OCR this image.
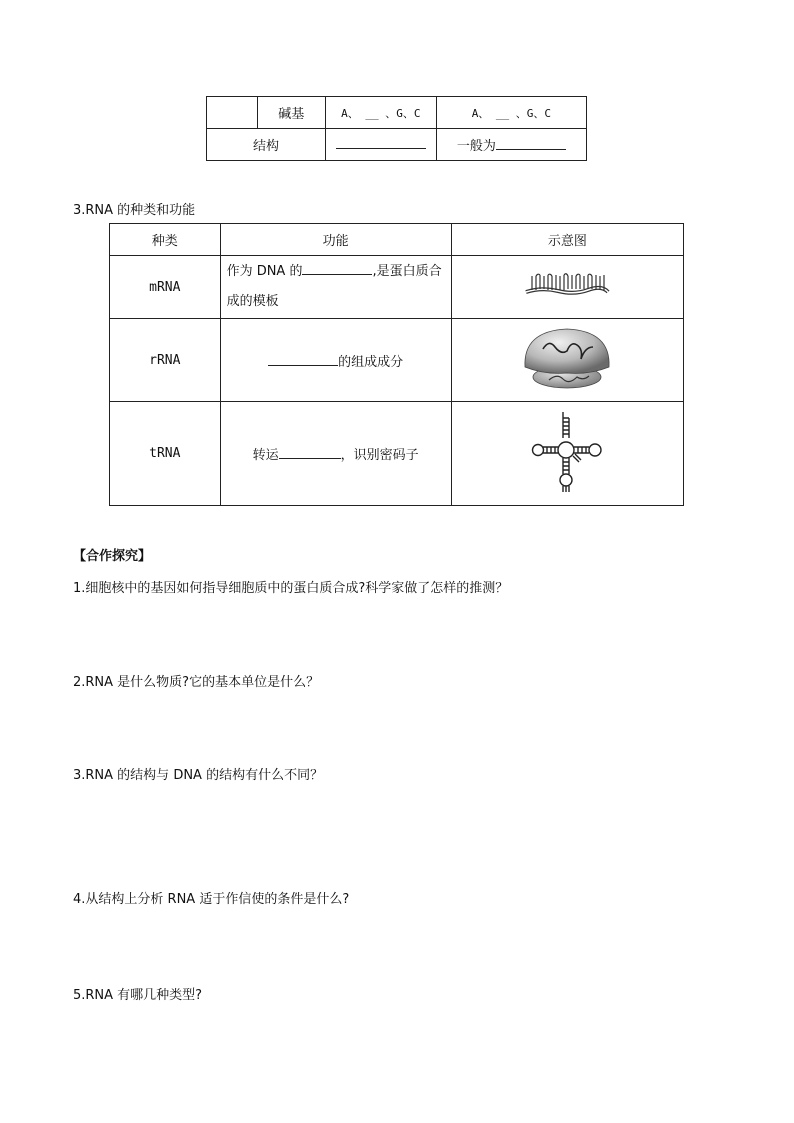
	碱基	A、 __ 、G、C	A、 __ 、G、C
结构			一般为
3.RNA 的种类和功能
种类	功能	示意图
mRNA	作为 DNA 的 ,是蛋白质合
成的模板	
rRNA	的组成成分	
tRNA	转运 ，识别密码子	
【合作探究】
1.细胞核中的基因如何指导细胞质中的蛋白质合成?科学家做了怎样的推测？
2.RNA 是什么物质?它的基本单位是什么？
3.RNA 的结构与 DNA 的结构有什么不同？
4.从结构上分析 RNA 适于作信使的条件是什么?
5.RNA 有哪几种类型?
